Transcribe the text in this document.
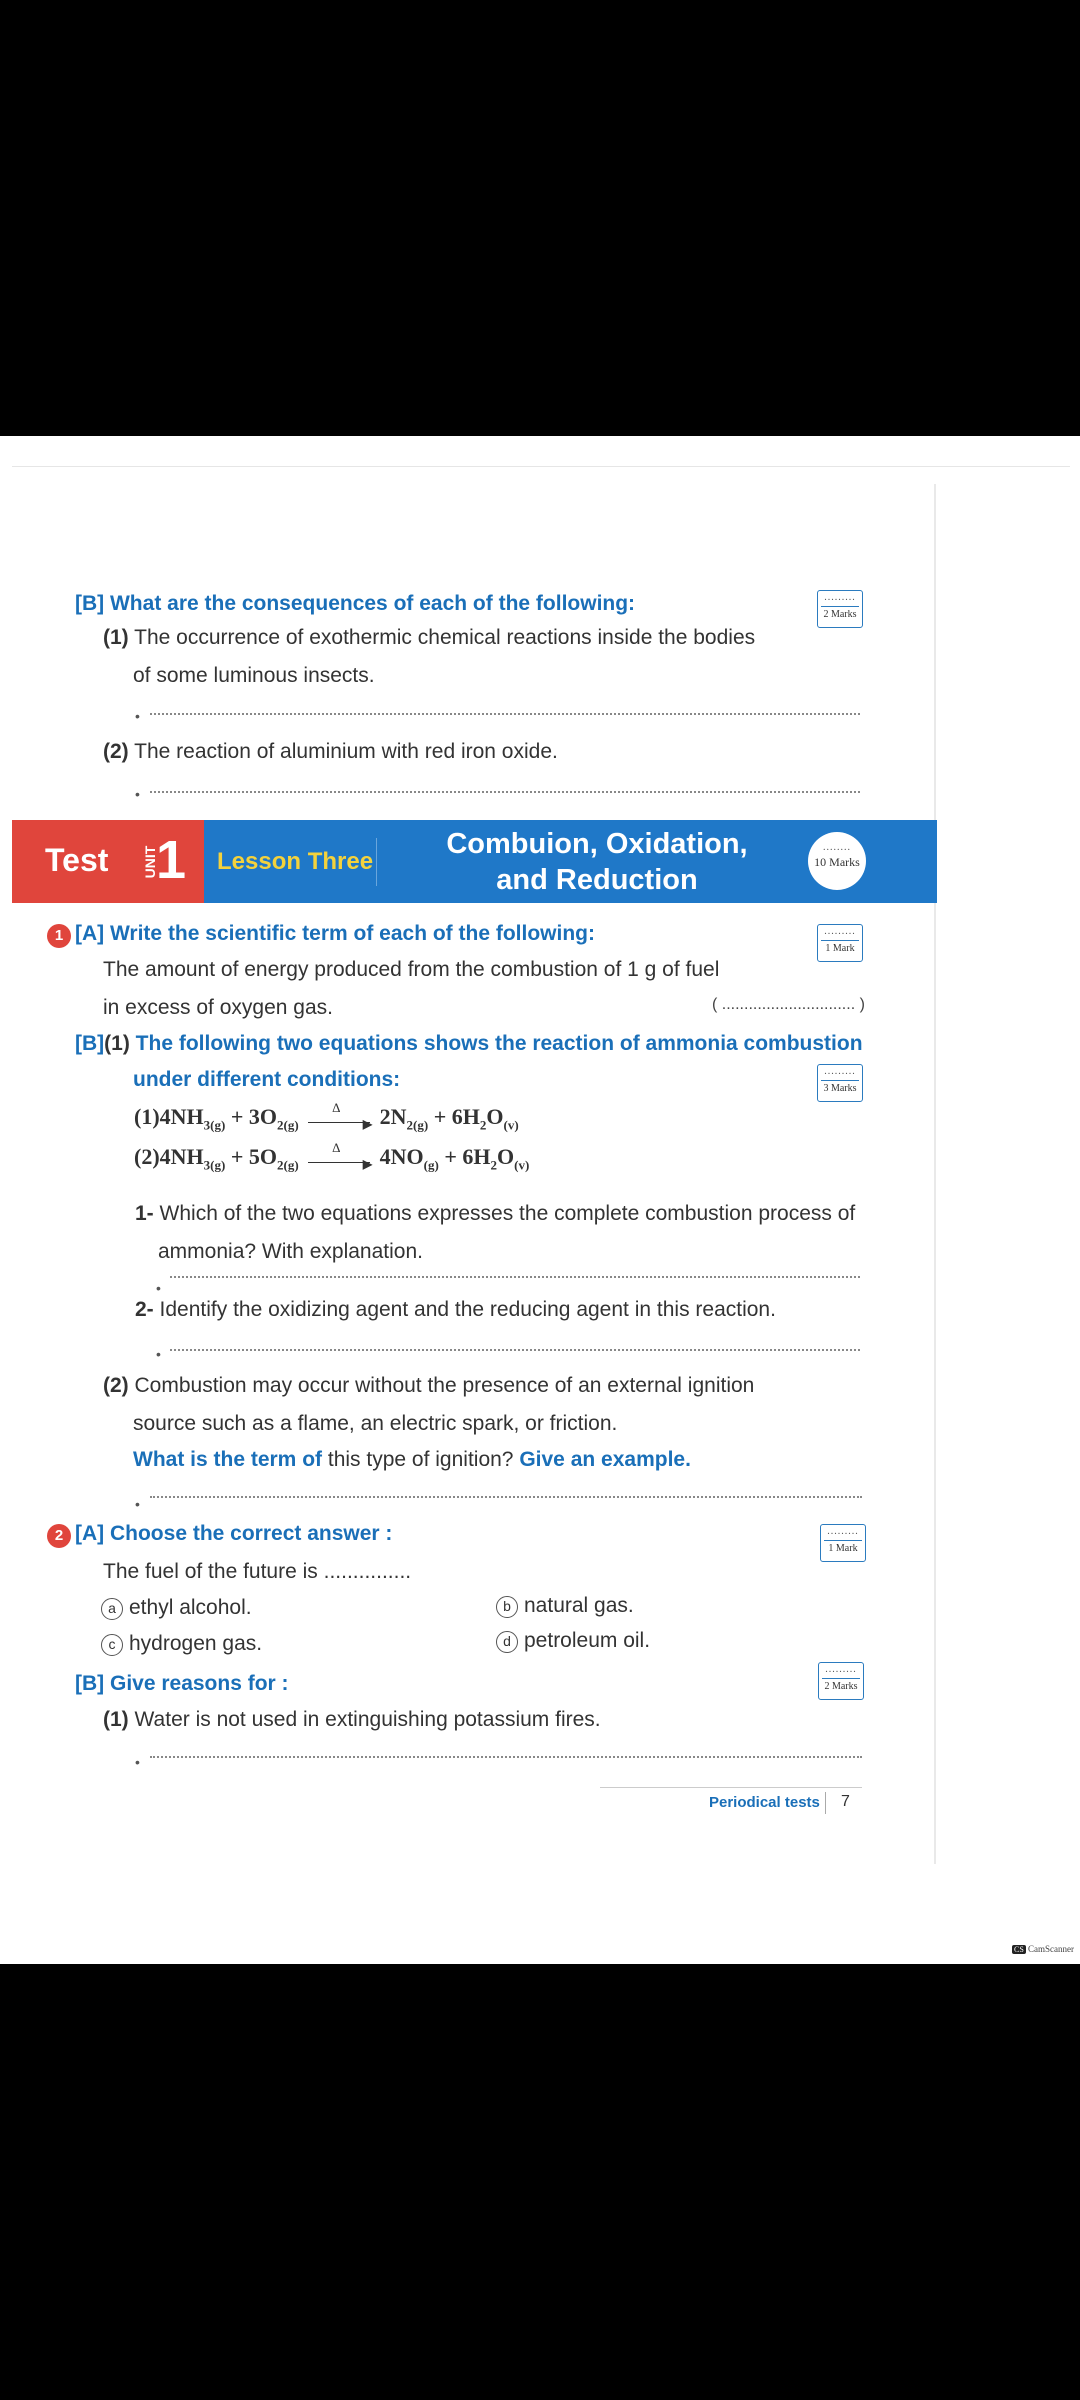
[B] What are the consequences of each of the following:	.........
2 Marks
(1) The occurrence of exothermic chemical reactions inside the bodies
of some luminous insects.
•
(2) The reaction of aluminium with red iron oxide.
•
Test UNIT
1 Lesson Three
Combuion, Oxidation,
and Reduction
........
10 Marks
1 [A] Write the scientific term of each of the following:	.........
1 Mark
The amount of energy produced from the combustion of 1 g of fuel
in excess of oxygen gas.	( .............................. )
[B](1) The following two equations shows the reaction of ammonia combustion
under different conditions:	.........
3 Marks
$(1)4NH_{3(g)} + 3O_{2(g)}$
Δ
▶ $2N_{2(g)} + 6H_2O_{(v)}$
$(2)4NH_{3(g)} + 5O_{2(g)}$
Δ
▶ $4NO_{(g)} + 6H_2O_{(v)}$
1- Which of the two equations expresses the complete combustion process of
ammonia? With explanation.
•
2- Identify the oxidizing agent and the reducing agent in this reaction.
•
(2) Combustion may occur without the presence of an external ignition
source such as a flame, an electric spark, or friction.
What is the term of this type of ignition? Give an example.
•
2 [A] Choose the correct answer :	.........
1 Mark
The fuel of the future is ...............
a ethyl alcohol.	b natural gas.
c hydrogen gas.	d petroleum oil.
[B] Give reasons for :
.........
2 Marks
(1) Water is not used in extinguishing potassium fires.
•
Periodical tests 7
CS CamScanner
